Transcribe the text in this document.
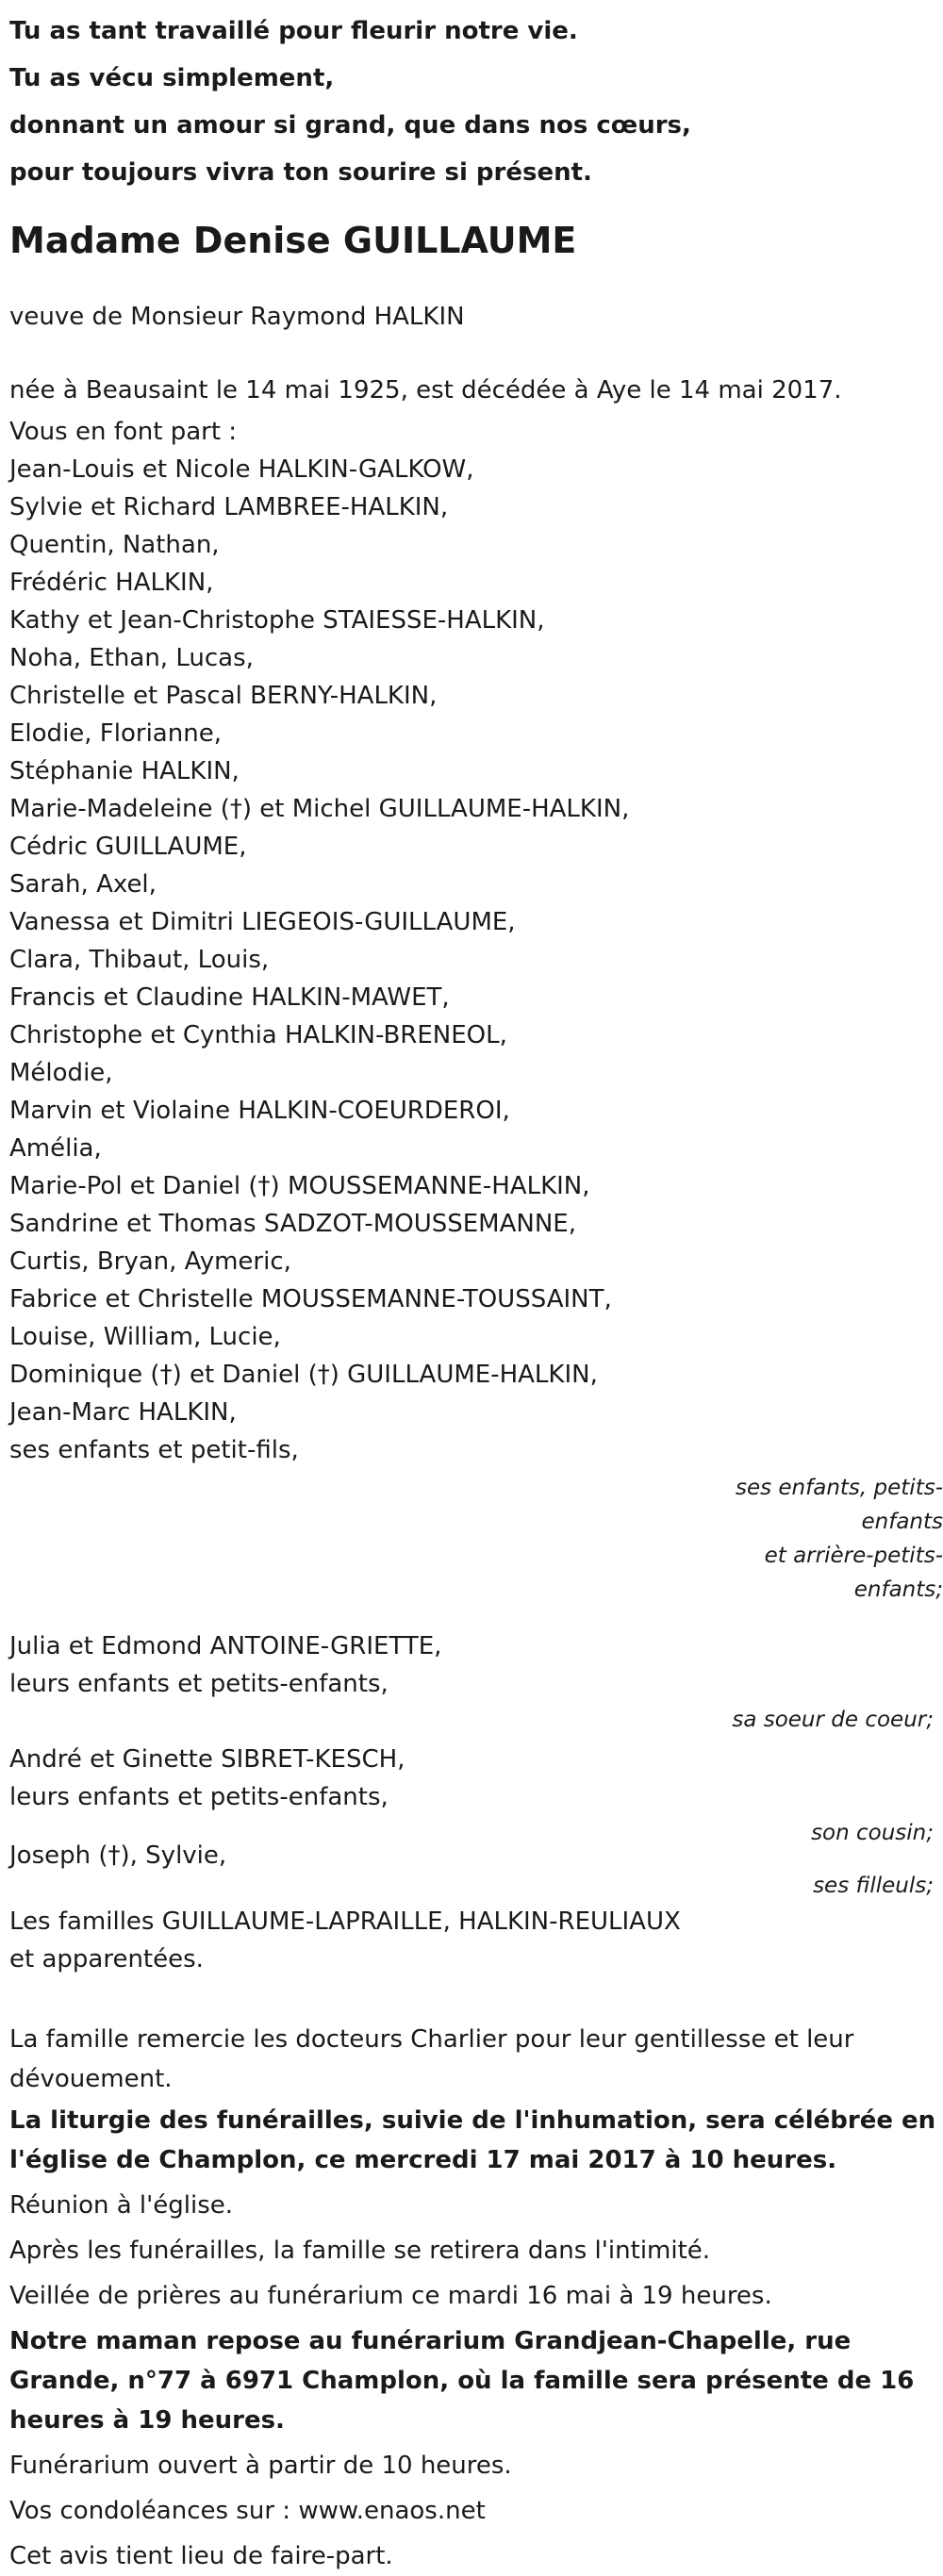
Tu as tant travaillé pour fleurir notre vie.
Tu as vécu simplement,
donnant un amour si grand, que dans nos cœurs,
pour toujours vivra ton sourire si présent.
Madame Denise GUILLAUME
veuve de Monsieur Raymond HALKIN
née à Beausaint le 14 mai 1925, est décédée à Aye le 14 mai 2017.
Vous en font part :
Jean-Louis et Nicole HALKIN-GALKOW,
Sylvie et Richard LAMBREE-HALKIN,
Quentin, Nathan,
Frédéric HALKIN,
Kathy et Jean-Christophe STAIESSE-HALKIN,
Noha, Ethan, Lucas,
Christelle et Pascal BERNY-HALKIN,
Elodie, Florianne,
Stéphanie HALKIN,
Marie-Madeleine (†) et Michel GUILLAUME-HALKIN,
Cédric GUILLAUME,
Sarah, Axel,
Vanessa et Dimitri LIEGEOIS-GUILLAUME,
Clara, Thibaut, Louis,
Francis et Claudine HALKIN-MAWET,
Christophe et Cynthia HALKIN-BRENEOL,
Mélodie,
Marvin et Violaine HALKIN-COEURDEROI,
Amélia,
Marie-Pol et Daniel (†) MOUSSEMANNE-HALKIN,
Sandrine et Thomas SADZOT-MOUSSEMANNE,
Curtis, Bryan, Aymeric,
Fabrice et Christelle MOUSSEMANNE-TOUSSAINT,
Louise, William, Lucie,
Dominique (†) et Daniel (†) GUILLAUME-HALKIN,
Jean-Marc HALKIN,
ses enfants et petit-fils,
ses enfants, petits-enfants
et arrière-petits-enfants;
Julia et Edmond ANTOINE-GRIETTE,
leurs enfants et petits-enfants,
sa soeur de coeur;
André et Ginette SIBRET-KESCH,
leurs enfants et petits-enfants,
son cousin;
Joseph (†), Sylvie,
ses filleuls;
Les familles GUILLAUME-LAPRAILLE, HALKIN-REULIAUX
et apparentées.
La famille remercie les docteurs Charlier pour leur gentillesse et leur dévouement.
La liturgie des funérailles, suivie de l'inhumation, sera célébrée en l'église de Champlon, ce mercredi 17 mai 2017 à 10 heures.
Réunion à l'église.
Après les funérailles, la famille se retirera dans l'intimité.
Veillée de prières au funérarium ce mardi 16 mai à 19 heures.
Notre maman repose au funérarium Grandjean-Chapelle, rue Grande, n°77 à 6971 Champlon, où la famille sera présente de 16 heures à 19 heures.
Funérarium ouvert à partir de 10 heures.
Vos condoléances sur : www.enaos.net
Cet avis tient lieu de faire-part.
